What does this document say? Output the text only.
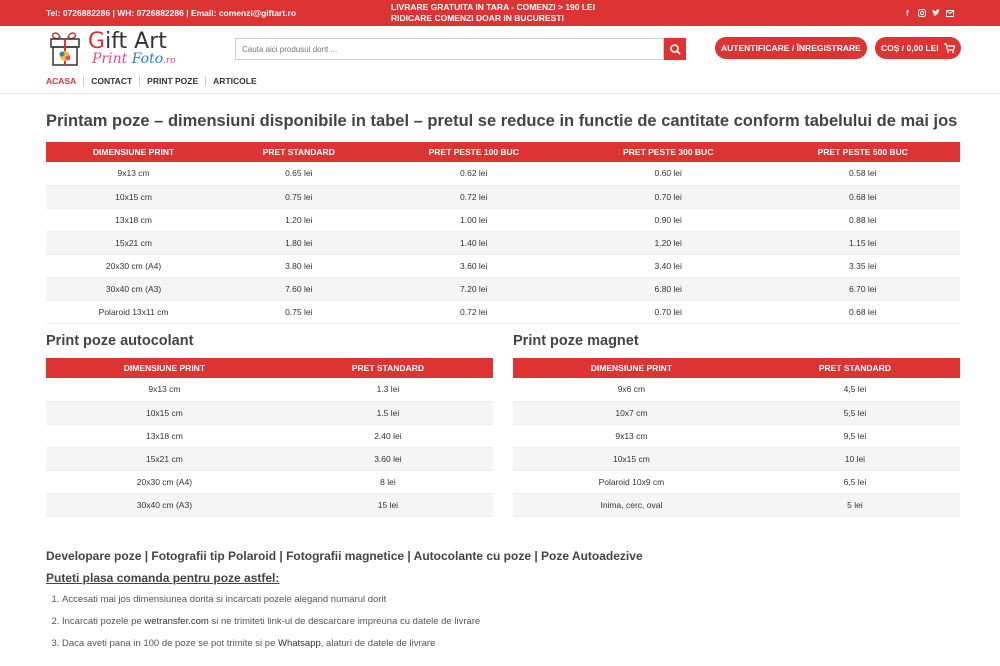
Tel: 0726882286 | WH: 0726882286 | Email: comenzi@giftart.ro
LIVRARE GRATUITA IN TARA - COMENZI > 190 LEI
RIDICARE COMENZI DOAR IN BUCURESTI	f
Gift Art
Print Foto.ro
Cauta aici produsul dorit ...
AUTENTIFICARE / ÎNREGISTRARE	COȘ / 0,00 LEI
ACASA	CONTACT	PRINT POZE	ARTICOLE
Printam poze – dimensiuni disponibile in tabel – pretul se reduce in functie de cantitate conform tabelului de mai jos
DIMENSIUNE PRINT	PRET STANDARD	PRET PESTE 100 BUC	PRET PESTE 300 BUC	PRET PESTE 500 BUC
9x13 cm	0.65 lei	0.62 lei	0.60 lei	0.58 lei
10x15 cm	0.75 lei	0.72 lei	0.70 lei	0.68 lei
13x18 cm	1.20 lei	1.00 lei	0.90 lei	0.88 lei
15x21 cm	1.80 lei	1.40 lei	1.20 lei	1.15 lei
20x30 cm (A4)	3.80 lei	3.60 lei	3.40 lei	3.35 lei
30x40 cm (A3)	7.60 lei	7.20 lei	6.80 lei	6.70 lei
Polaroid 13x11 cm	0.75 lei	0.72 lei	0.70 lei	0.68 lei
Print poze autocolant
DIMENSIUNE PRINT	PRET STANDARD
9x13 cm	1.3 lei
10x15 cm	1.5 lei
13x18 cm	2.40 lei
15x21 cm	3.60 lei
20x30 cm (A4)	8 lei
30x40 cm (A3)	15 lei
Print poze magnet
DIMENSIUNE PRINT	PRET STANDARD
9x6 cm	4,5 lei
10x7 cm	5,5 lei
9x13 cm	9,5 lei
10x15 cm	10 lei
Polaroid 10x9 cm	6,5 lei
Inima, cerc, oval	5 lei
Developare poze | Fotografii tip Polaroid | Fotografii magnetice | Autocolante cu poze | Poze Autoadezive
Puteti plasa comanda pentru poze astfel:
1. Accesati mai jos dimensiunea dorita si incarcati pozele alegand numarul dorit
2. Incarcati pozele pe wetransfer.com si ne trimiteti link-ul de descarcare impreuna cu datele de livrare
3. Daca aveti pana in 100 de poze se pot trimite si pe Whatsapp, alaturi de datele de livrare
